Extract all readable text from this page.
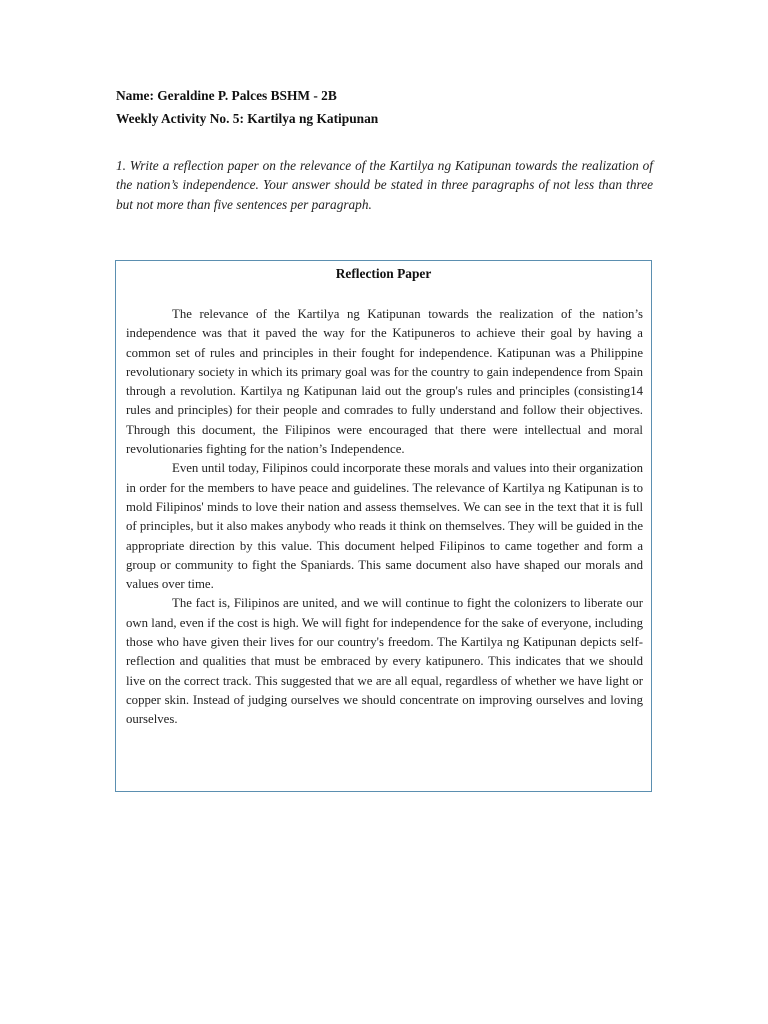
Name: Geraldine P. Palces BSHM - 2B
Weekly Activity No. 5: Kartilya ng Katipunan
1. Write a reflection paper on the relevance of the Kartilya ng Katipunan towards the realization of the nation’s independence. Your answer should be stated in three paragraphs of not less than three but not more than five sentences per paragraph.
Reflection Paper

The relevance of the Kartilya ng Katipunan towards the realization of the nation’s independence was that it paved the way for the Katipuneros to achieve their goal by having a common set of rules and principles in their fought for independence. Katipunan was a Philippine revolutionary society in which its primary goal was for the country to gain independence from Spain through a revolution. Kartilya ng Katipunan laid out the group's rules and principles (consisting14 rules and principles) for their people and comrades to fully understand and follow their objectives. Through this document, the Filipinos were encouraged that there were intellectual and moral revolutionaries fighting for the nation’s Independence.

Even until today, Filipinos could incorporate these morals and values into their organization in order for the members to have peace and guidelines. The relevance of Kartilya ng Katipunan is to mold Filipinos' minds to love their nation and assess themselves. We can see in the text that it is full of principles, but it also makes anybody who reads it think on themselves. They will be guided in the appropriate direction by this value. This document helped Filipinos to came together and form a group or community to fight the Spaniards. This same document also have shaped our morals and values over time.

The fact is, Filipinos are united, and we will continue to fight the colonizers to liberate our own land, even if the cost is high. We will fight for independence for the sake of everyone, including those who have given their lives for our country's freedom. The Kartilya ng Katipunan depicts self-reflection and qualities that must be embraced by every katipunero. This indicates that we should live on the correct track. This suggested that we are all equal, regardless of whether we have light or copper skin. Instead of judging ourselves we should concentrate on improving ourselves and loving ourselves.
